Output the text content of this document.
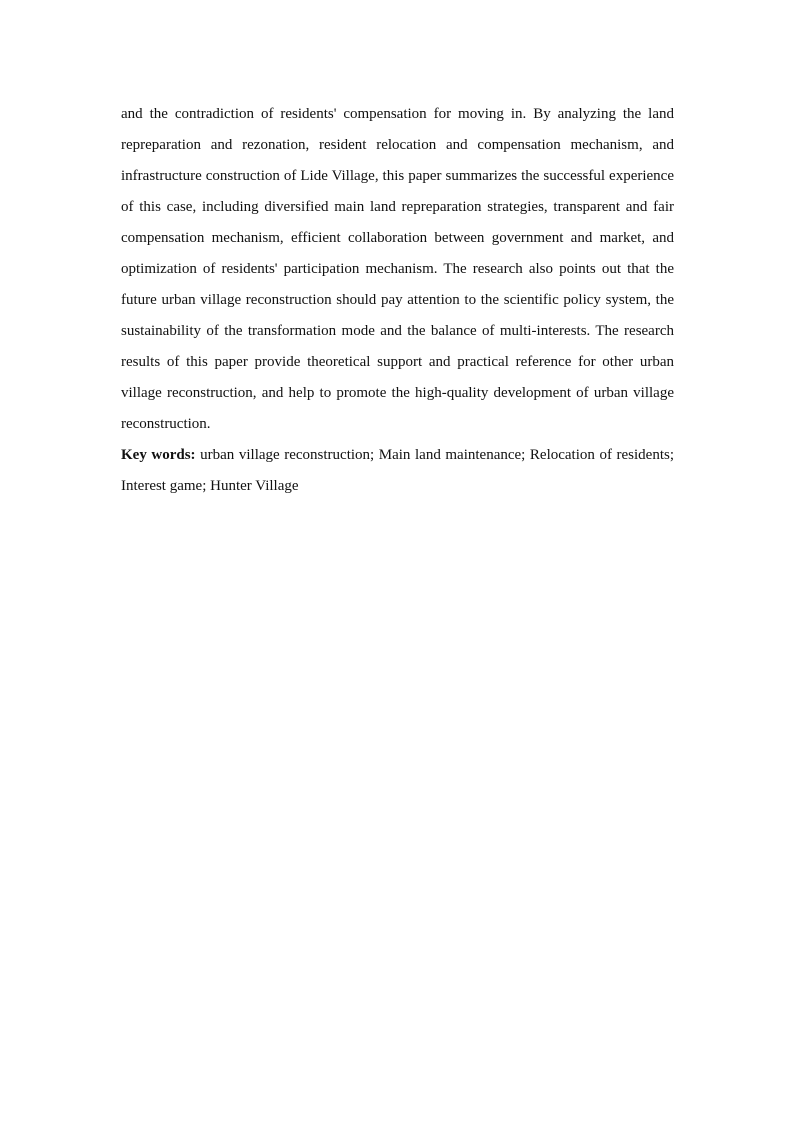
and the contradiction of residents' compensation for moving in. By analyzing the land repreparation and rezonation, resident relocation and compensation mechanism, and infrastructure construction of Lide Village, this paper summarizes the successful experience of this case, including diversified main land repreparation strategies, transparent and fair compensation mechanism, efficient collaboration between government and market, and optimization of residents' participation mechanism. The research also points out that the future urban village reconstruction should pay attention to the scientific policy system, the sustainability of the transformation mode and the balance of multi-interests. The research results of this paper provide theoretical support and practical reference for other urban village reconstruction, and help to promote the high-quality development of urban village reconstruction.

Key words: urban village reconstruction; Main land maintenance; Relocation of residents; Interest game; Hunter Village
